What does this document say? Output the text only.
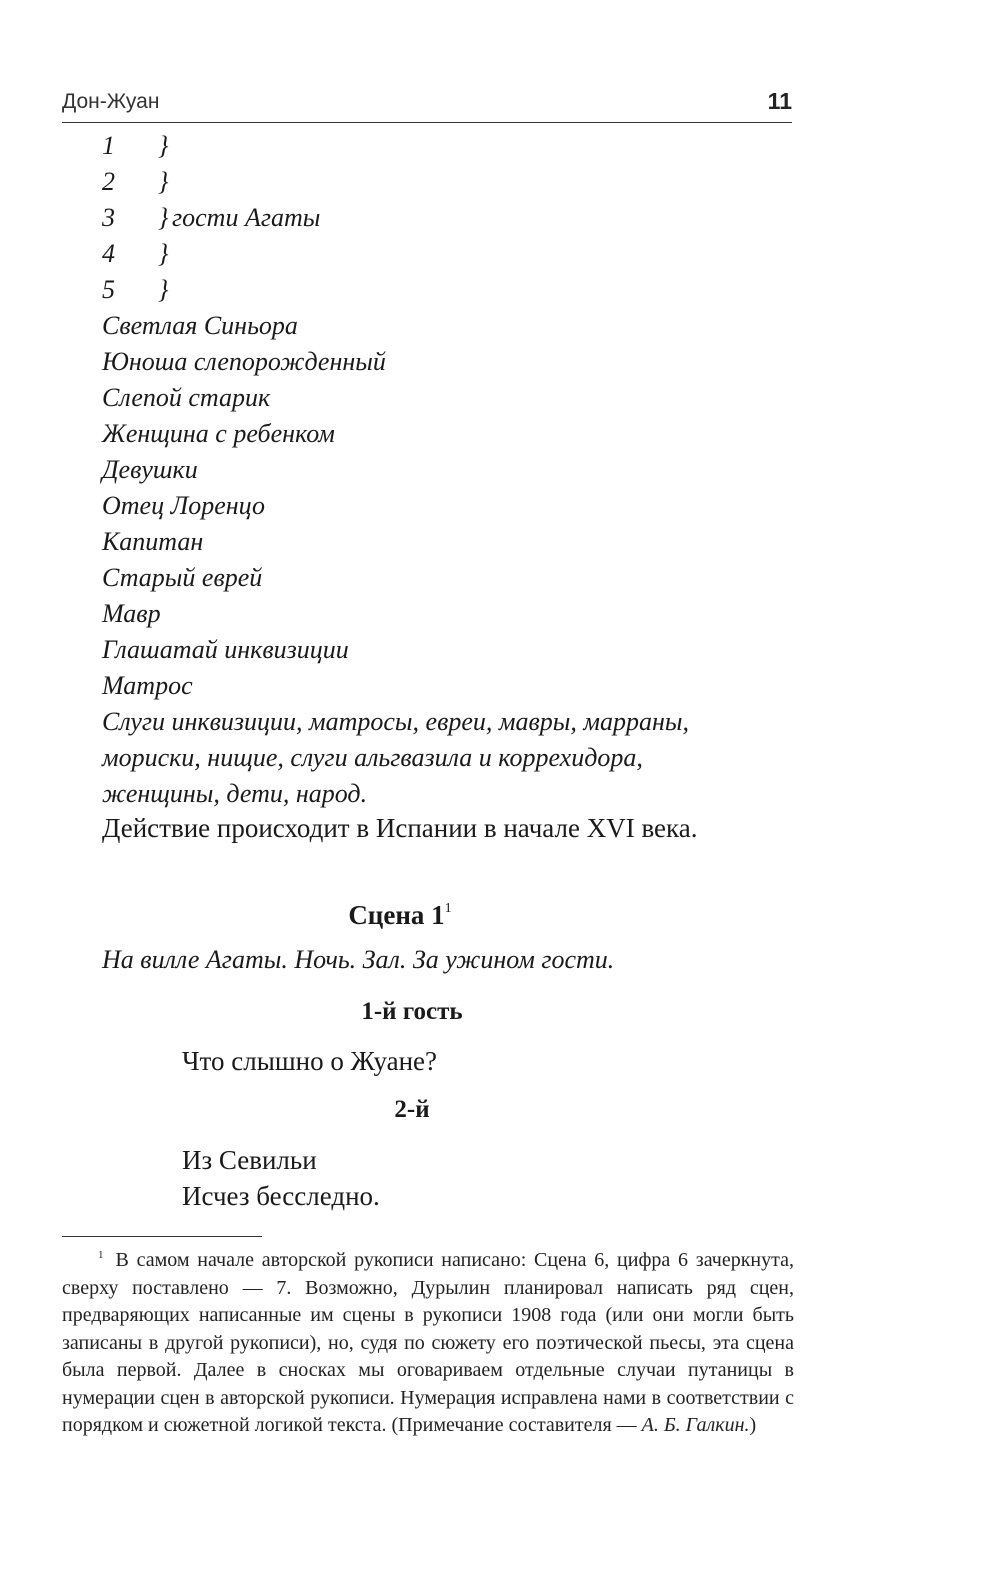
Дон-Жуан	11
1 }
2 }
3 } гости Агаты
4 }
5 }
Светлая Синьора
Юноша слепорожденный
Слепой старик
Женщина с ребенком
Девушки
Отец Лоренцо
Капитан
Старый еврей
Мавр
Глашатай инквизиции
Матрос
Слуги инквизиции, матросы, евреи, мавры, марраны,
мориски, нищие, слуги альгвазила и коррехидора,
женщины, дети, народ.
Действие происходит в Испании в начале XVI века.
Сцена $1^1$
На вилле Агаты. Ночь. Зал. За ужином гости.
1-й гость
Что слышно о Жуане?
2-й
Из Севильи
Исчез бесследно.
$^1$ В самом начале авторской рукописи написано: Сцена 6, цифра 6 зачеркнута, сверху поставлено — 7. Возможно, Дурылин планировал написать ряд сцен, предваряющих написанные им сцены в рукописи 1908 года (или они могли быть записаны в другой рукописи), но, судя по сюжету его поэтической пьесы, эта сцена была первой. Далее в сносках мы оговариваем отдельные случаи путаницы в нумерации сцен в авторской рукописи. Нумерация исправлена нами в соответствии с порядком и сюжетной логикой текста. (Примечание составителя — А. Б. Галкин.)
